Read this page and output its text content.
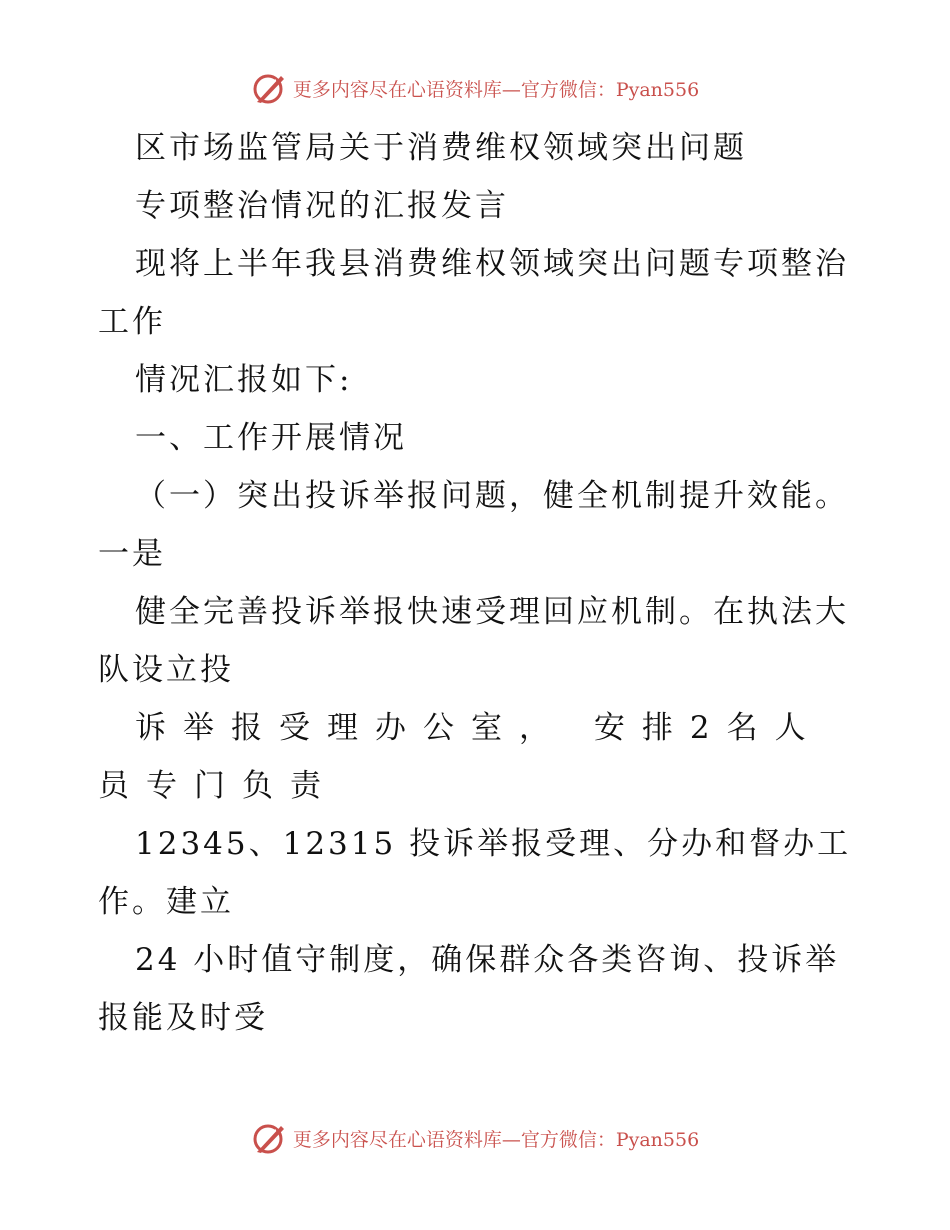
更多内容尽在心语资料库—官方微信：Pyan556
区市场监管局关于消费维权领域突出问题
专项整治情况的汇报发言
现将上半年我县消费维权领域突出问题专项整治
工作
情况汇报如下:
一、工作开展情况
（一）突出投诉举报问题，健全机制提升效能。
一是
健全完善投诉举报快速受理回应机制。在执法大
队设立投
诉举报受理办公室， 安排2名人
员专门负责
12345、12315 投诉举报受理、分办和督办工
作。建立
24 小时值守制度，确保群众各类咨询、投诉举
报能及时受
更多内容尽在心语资料库—官方微信：Pyan556
